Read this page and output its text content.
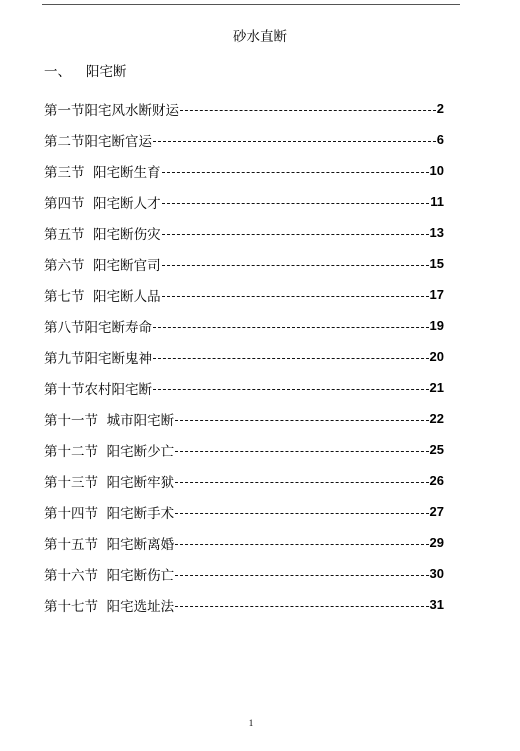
砂水直断
一、 阳宅断
第一节阳宅风水断财运	2
第二节阳宅断官运	6
第三节  阳宅断生育	10
第四节  阳宅断人才	11
第五节  阳宅断伤灾	13
第六节  阳宅断官司	15
第七节  阳宅断人品	17
第八节阳宅断寿命	19
第九节阳宅断鬼神	20
第十节农村阳宅断	21
第十一节  城市阳宅断	22
第十二节  阳宅断少亡	25
第十三节  阳宅断牢狱	26
第十四节  阳宅断手术	27
第十五节  阳宅断离婚	29
第十六节  阳宅断伤亡	30
第十七节  阳宅选址法	31
1
